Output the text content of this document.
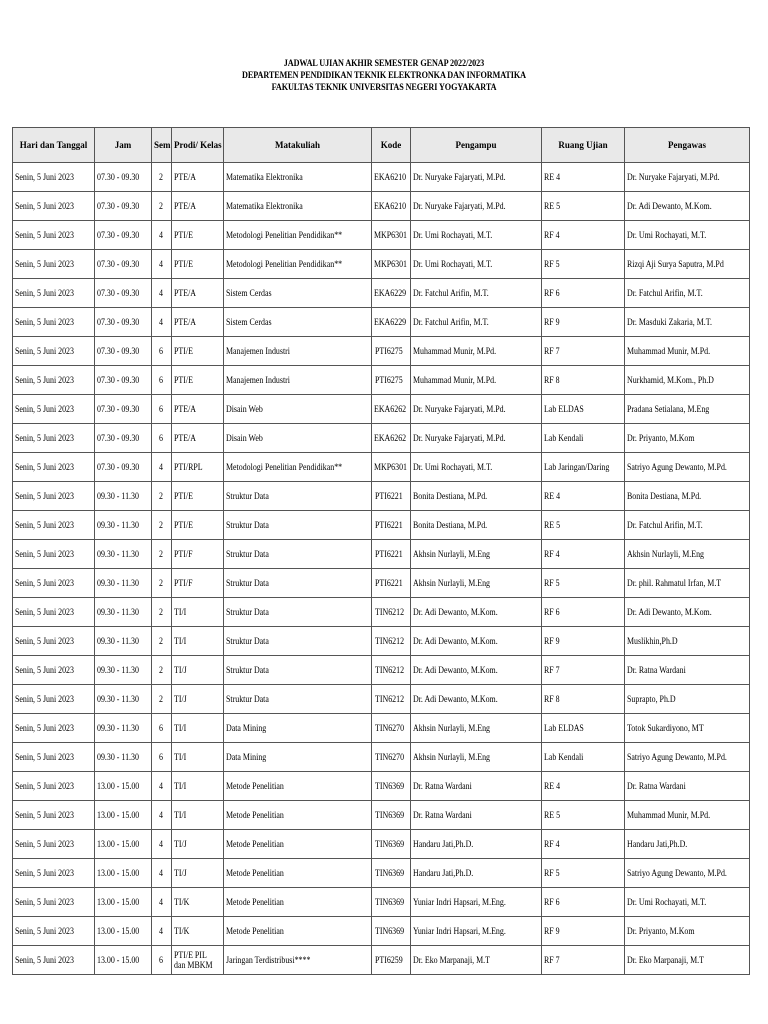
JADWAL UJIAN AKHIR SEMESTER GENAP 2022/2023
DEPARTEMEN PENDIDIKAN TEKNIK ELEKTRONKA DAN INFORMATIKA
FAKULTAS TEKNIK UNIVERSITAS NEGERI YOGYAKARTA
Hari dan Tanggal	Jam	Sem	Prodi/ Kelas	Matakuliah	Kode	Pengampu	Ruang Ujian	Pengawas
Senin, 5 Juni 2023	07.30 - 09.30	2	PTE/A	Matematika Elektronika	EKA6210	Dr. Nuryake Fajaryati, M.Pd.	RE 4	Dr. Nuryake Fajaryati, M.Pd.
Senin, 5 Juni 2023	07.30 - 09.30	2	PTE/A	Matematika Elektronika	EKA6210	Dr. Nuryake Fajaryati, M.Pd.	RE 5	Dr. Adi Dewanto, M.Kom.
Senin, 5 Juni 2023	07.30 - 09.30	4	PTI/E	Metodologi Penelitian Pendidikan**	MKP6301	Dr. Umi Rochayati, M.T.	RF 4	Dr. Umi Rochayati, M.T.
Senin, 5 Juni 2023	07.30 - 09.30	4	PTI/E	Metodologi Penelitian Pendidikan**	MKP6301	Dr. Umi Rochayati, M.T.	RF 5	Rizqi Aji Surya Saputra, M.Pd
Senin, 5 Juni 2023	07.30 - 09.30	4	PTE/A	Sistem Cerdas	EKA6229	Dr. Fatchul Arifin, M.T.	RF 6	Dr. Fatchul Arifin, M.T.
Senin, 5 Juni 2023	07.30 - 09.30	4	PTE/A	Sistem Cerdas	EKA6229	Dr. Fatchul Arifin, M.T.	RF 9	Dr. Masduki Zakaria, M.T.
Senin, 5 Juni 2023	07.30 - 09.30	6	PTI/E	Manajemen Industri	PTI6275	Muhammad Munir, M.Pd.	RF 7	Muhammad Munir, M.Pd.
Senin, 5 Juni 2023	07.30 - 09.30	6	PTI/E	Manajemen Industri	PTI6275	Muhammad Munir, M.Pd.	RF 8	Nurkhamid, M.Kom., Ph.D
Senin, 5 Juni 2023	07.30 - 09.30	6	PTE/A	Disain Web	EKA6262	Dr. Nuryake Fajaryati, M.Pd.	Lab ELDAS	Pradana Setialana, M.Eng
Senin, 5 Juni 2023	07.30 - 09.30	6	PTE/A	Disain Web	EKA6262	Dr. Nuryake Fajaryati, M.Pd.	Lab Kendali	Dr. Priyanto, M.Kom
Senin, 5 Juni 2023	07.30 - 09.30	4	PTI/RPL	Metodologi Penelitian Pendidikan**	MKP6301	Dr. Umi Rochayati, M.T.	Lab Jaringan/Daring	Satriyo Agung Dewanto, M.Pd.
Senin, 5 Juni 2023	09.30 - 11.30	2	PTI/E	Struktur Data	PTI6221	Bonita Destiana, M.Pd.	RE 4	Bonita Destiana, M.Pd.
Senin, 5 Juni 2023	09.30 - 11.30	2	PTI/E	Struktur Data	PTI6221	Bonita Destiana, M.Pd.	RE 5	Dr. Fatchul Arifin, M.T.
Senin, 5 Juni 2023	09.30 - 11.30	2	PTI/F	Struktur Data	PTI6221	Akhsin Nurlayli, M.Eng	RF 4	Akhsin Nurlayli, M.Eng
Senin, 5 Juni 2023	09.30 - 11.30	2	PTI/F	Struktur Data	PTI6221	Akhsin Nurlayli, M.Eng	RF 5	Dr. phil. Rahmatul Irfan, M.T
Senin, 5 Juni 2023	09.30 - 11.30	2	TI/I	Struktur Data	TIN6212	Dr. Adi Dewanto, M.Kom.	RF 6	Dr. Adi Dewanto, M.Kom.
Senin, 5 Juni 2023	09.30 - 11.30	2	TI/I	Struktur Data	TIN6212	Dr. Adi Dewanto, M.Kom.	RF 9	Muslikhin,Ph.D
Senin, 5 Juni 2023	09.30 - 11.30	2	TI/J	Struktur Data	TIN6212	Dr. Adi Dewanto, M.Kom.	RF 7	Dr. Ratna Wardani
Senin, 5 Juni 2023	09.30 - 11.30	2	TI/J	Struktur Data	TIN6212	Dr. Adi Dewanto, M.Kom.	RF 8	Suprapto, Ph.D
Senin, 5 Juni 2023	09.30 - 11.30	6	TI/I	Data Mining	TIN6270	Akhsin Nurlayli, M.Eng	Lab ELDAS	Totok Sukardiyono, MT
Senin, 5 Juni 2023	09.30 - 11.30	6	TI/I	Data Mining	TIN6270	Akhsin Nurlayli, M.Eng	Lab Kendali	Satriyo Agung Dewanto, M.Pd.
Senin, 5 Juni 2023	13.00 - 15.00	4	TI/I	Metode Penelitian	TIN6369	Dr. Ratna Wardani	RE 4	Dr. Ratna Wardani
Senin, 5 Juni 2023	13.00 - 15.00	4	TI/I	Metode Penelitian	TIN6369	Dr. Ratna Wardani	RE 5	Muhammad Munir, M.Pd.
Senin, 5 Juni 2023	13.00 - 15.00	4	TI/J	Metode Penelitian	TIN6369	Handaru Jati,Ph.D.	RF 4	Handaru Jati,Ph.D.
Senin, 5 Juni 2023	13.00 - 15.00	4	TI/J	Metode Penelitian	TIN6369	Handaru Jati,Ph.D.	RF 5	Satriyo Agung Dewanto, M.Pd.
Senin, 5 Juni 2023	13.00 - 15.00	4	TI/K	Metode Penelitian	TIN6369	Yuniar Indri Hapsari, M.Eng.	RF 6	Dr. Umi Rochayati, M.T.
Senin, 5 Juni 2023	13.00 - 15.00	4	TI/K	Metode Penelitian	TIN6369	Yuniar Indri Hapsari, M.Eng.	RF 9	Dr. Priyanto, M.Kom
Senin, 5 Juni 2023	13.00 - 15.00	6	PTI/E PIL dan MBKM	Jaringan Terdistribusi****	PTI6259	Dr. Eko Marpanaji, M.T	RF 7	Dr. Eko Marpanaji, M.T
